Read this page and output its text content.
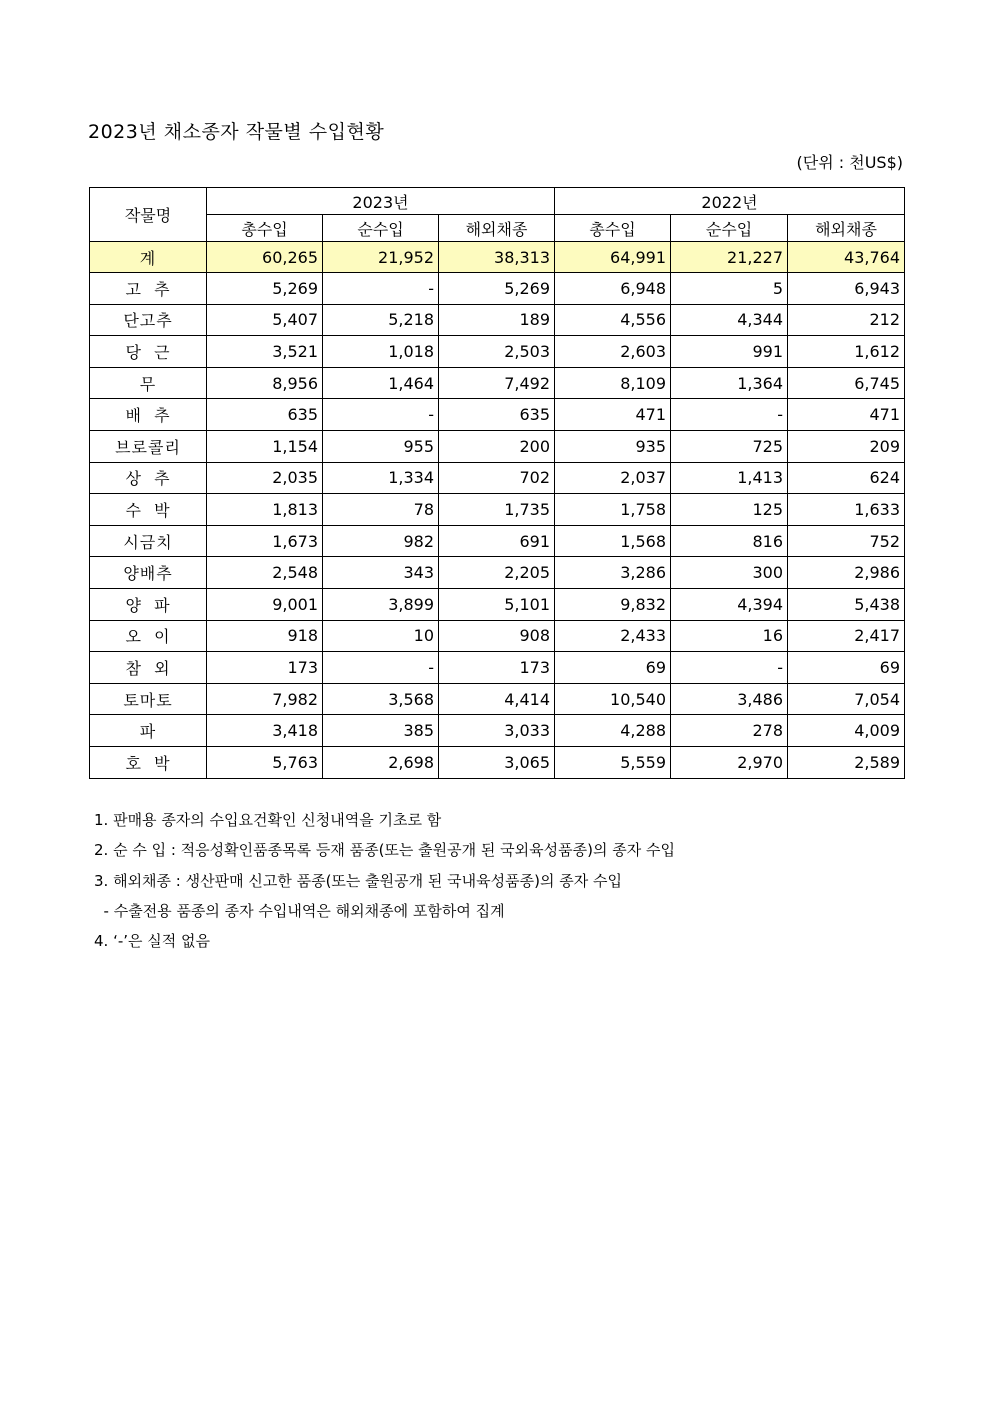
2023년 채소종자 작물별 수입현황
(단위 : 천US$)
작물명	2023년			2022년		
	총수입	순수입	해외채종	총수입	순수입	해외채종
계	60,265	21,952	38,313	64,991	21,227	43,764
고  추	5,269	-	5,269	6,948	5	6,943
단고추	5,407	5,218	189	4,556	4,344	212
당  근	3,521	1,018	2,503	2,603	991	1,612
무	8,956	1,464	7,492	8,109	1,364	6,745
배  추	635	-	635	471	-	471
브로콜리	1,154	955	200	935	725	209
상  추	2,035	1,334	702	2,037	1,413	624
수  박	1,813	78	1,735	1,758	125	1,633
시금치	1,673	982	691	1,568	816	752
양배추	2,548	343	2,205	3,286	300	2,986
양  파	9,001	3,899	5,101	9,832	4,394	5,438
오  이	918	10	908	2,433	16	2,417
참  외	173	-	173	69	-	69
토마토	7,982	3,568	4,414	10,540	3,486	7,054
파	3,418	385	3,033	4,288	278	4,009
호  박	5,763	2,698	3,065	5,559	2,970	2,589
1. 판매용 종자의 수입요건확인 신청내역을 기초로 함
2. 순 수 입 : 적응성확인품종목록 등재 품종(또는 출원공개 된 국외육성품종)의 종자 수입
3. 해외채종 : 생산판매 신고한 품종(또는 출원공개 된 국내육성품종)의 종자 수입
- 수출전용 품종의 종자 수입내역은 해외채종에 포함하여 집계
4. ‘-’은 실적 없음
